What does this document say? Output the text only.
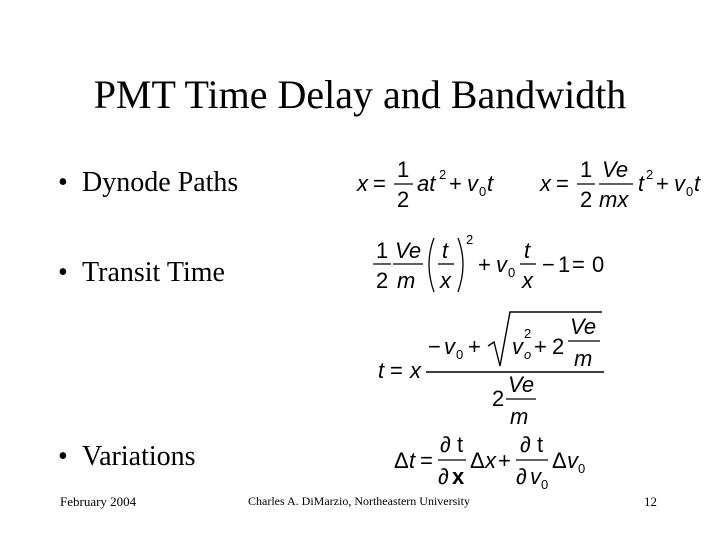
PMT Time Delay and Bandwidth
• Dynode Paths
• Transit Time
• Variations
x =
1
2
at 2 + v 0 t x =
1
2
Ve
mx
t 2 + v 0 t
1
2
Ve
m
t
x
2
+ v 0
t
x
− 1 = 0
t = x
− v 0 + v
2
o + 2
Ve
m
2
Ve
m
Δ t =
∂ t
∂ x
Δ x +
∂ t
∂ v 0
Δ v 0
February 2004	Charles A. DiMarzio, Northeastern University	12
